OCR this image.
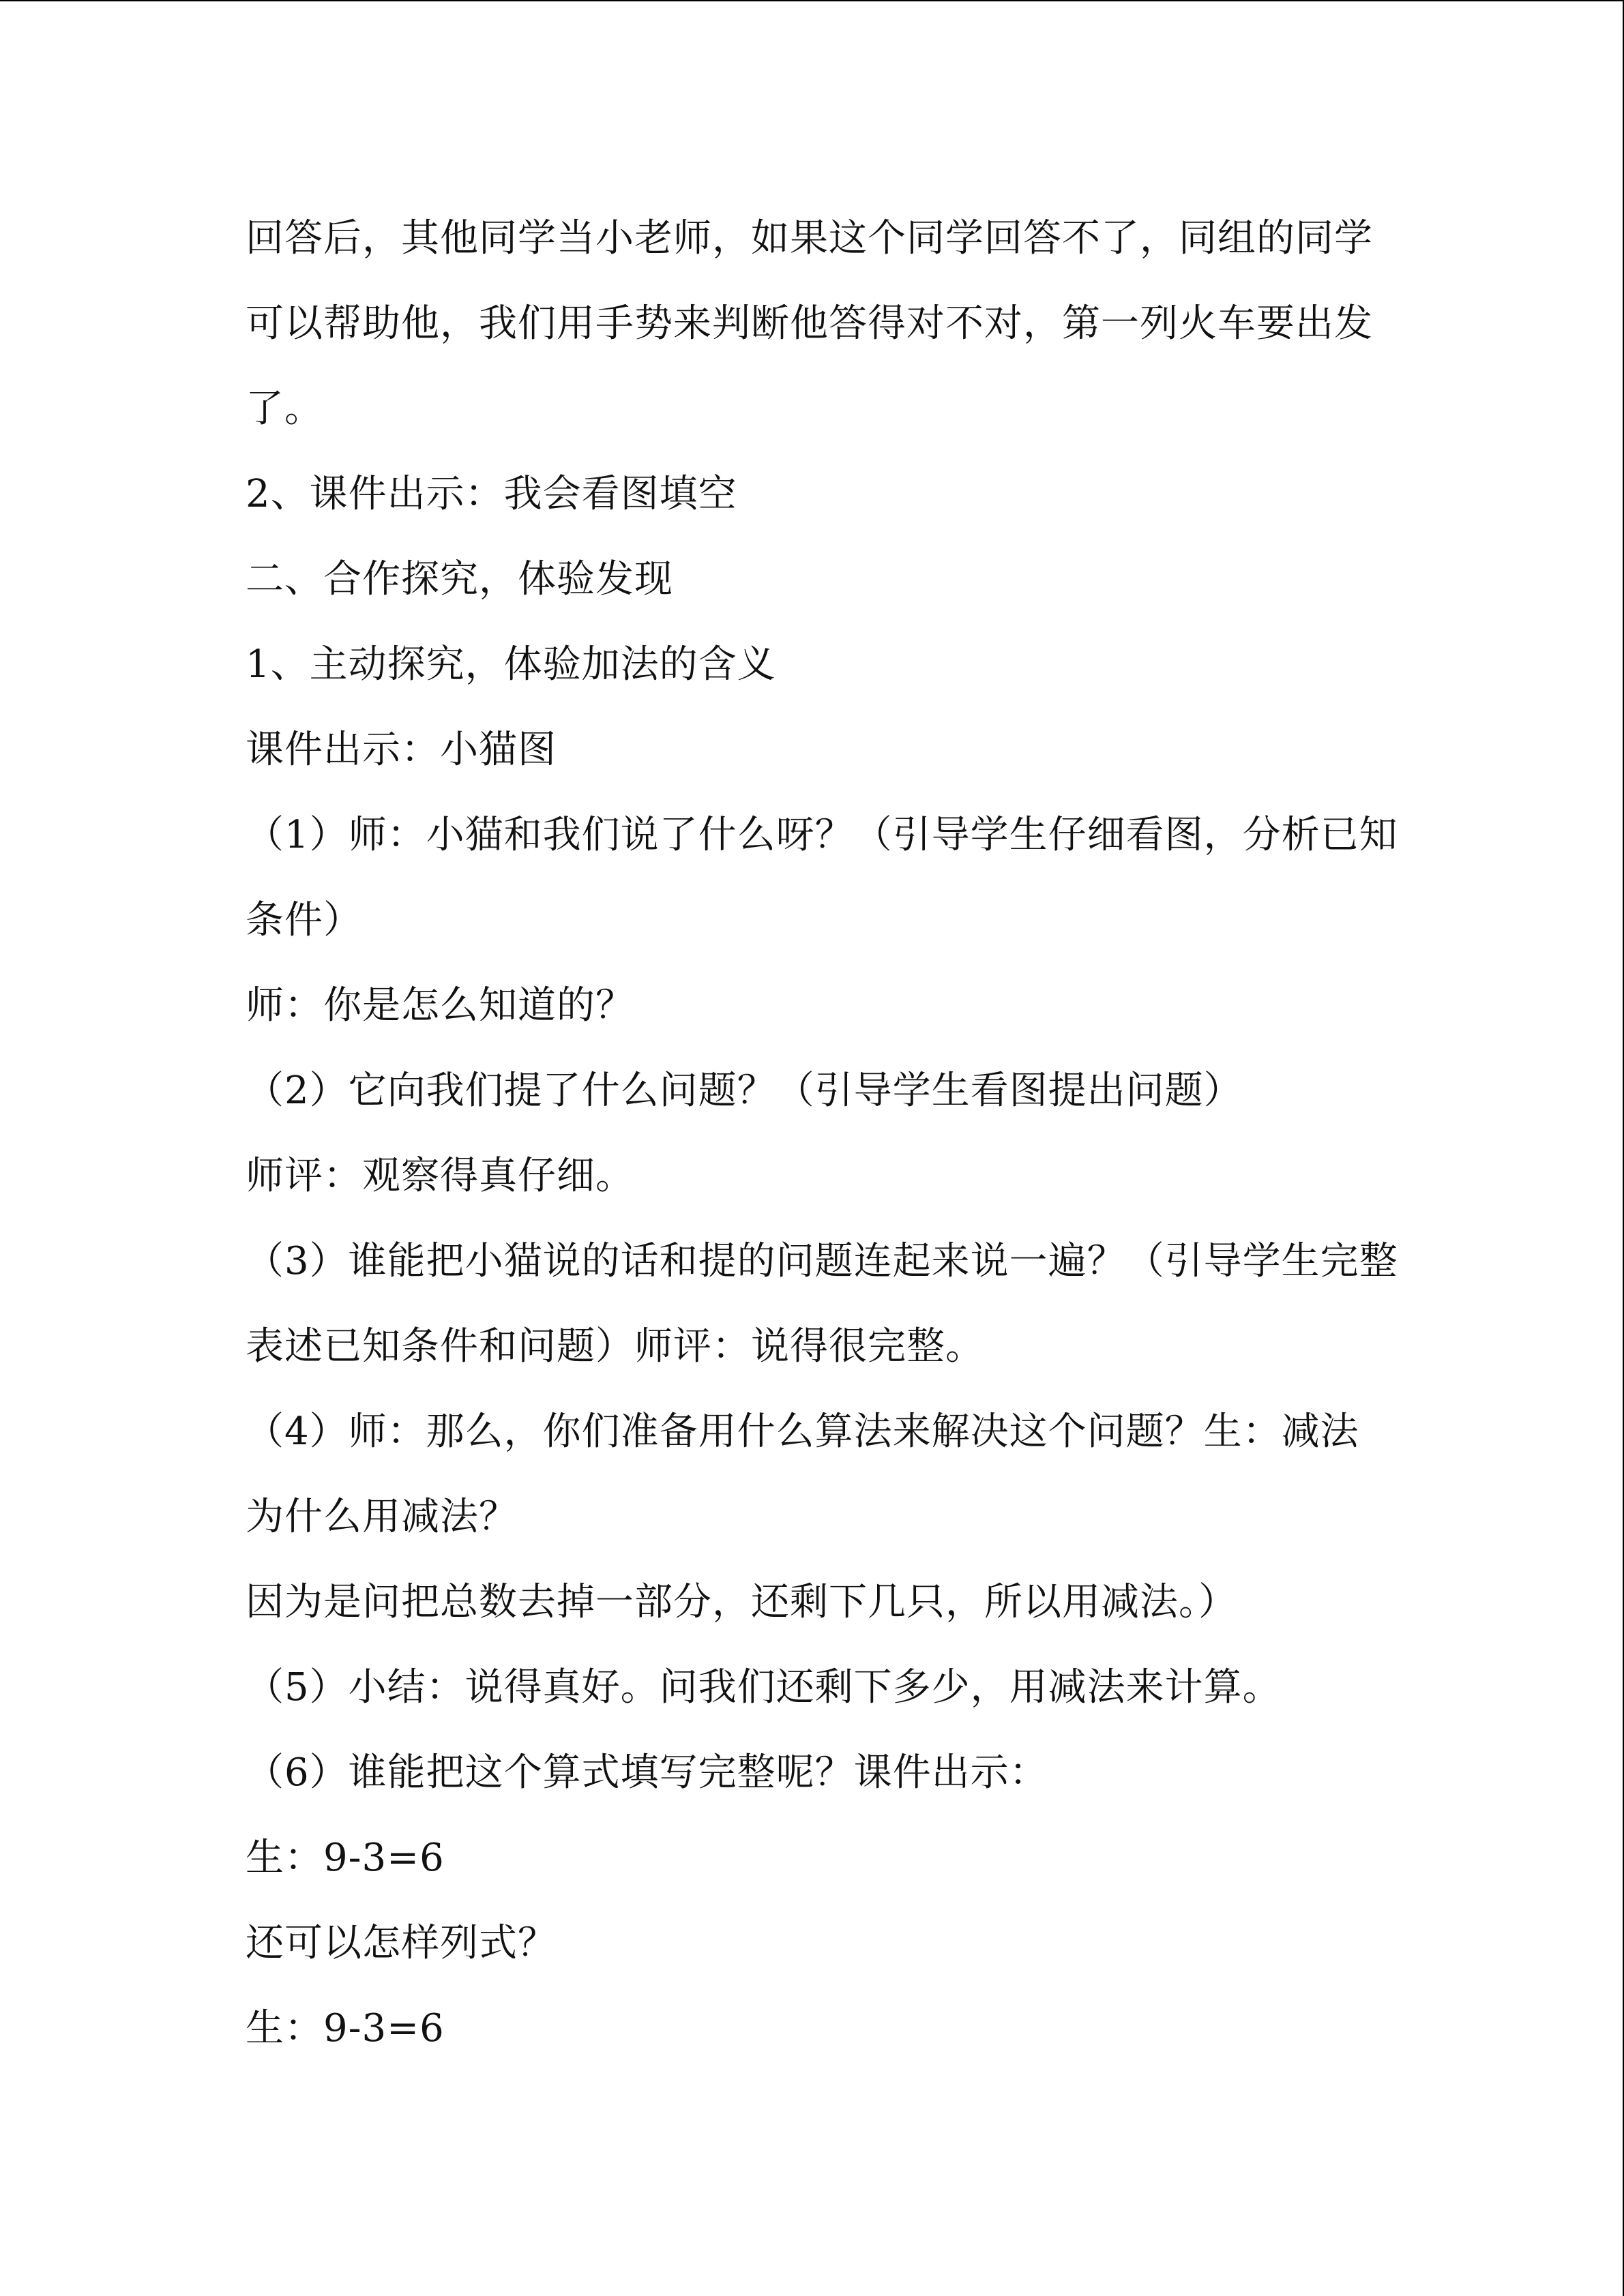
回答后，其他同学当小老师，如果这个同学回答不了，同组的同学
可以帮助他，我们用手势来判断他答得对不对，第一列火车要出发
了。
2、课件出示：我会看图填空
二、合作探究，体验发现
1、主动探究，体验加法的含义
课件出示：小猫图
（1）师：小猫和我们说了什么呀？（引导学生仔细看图，分析已知
条件）
师：你是怎么知道的？
（2）它向我们提了什么问题？（引导学生看图提出问题）
师评：观察得真仔细。
（3）谁能把小猫说的话和提的问题连起来说一遍？（引导学生完整
表述已知条件和问题）师评：说得很完整。
（4）师：那么，你们准备用什么算法来解决这个问题？生：减法
为什么用减法？
因为是问把总数去掉一部分，还剩下几只，所以用减法。）
（5）小结：说得真好。问我们还剩下多少，用减法来计算。
（6）谁能把这个算式填写完整呢？课件出示：
生：9-3=6
还可以怎样列式？
生：9-3=6
